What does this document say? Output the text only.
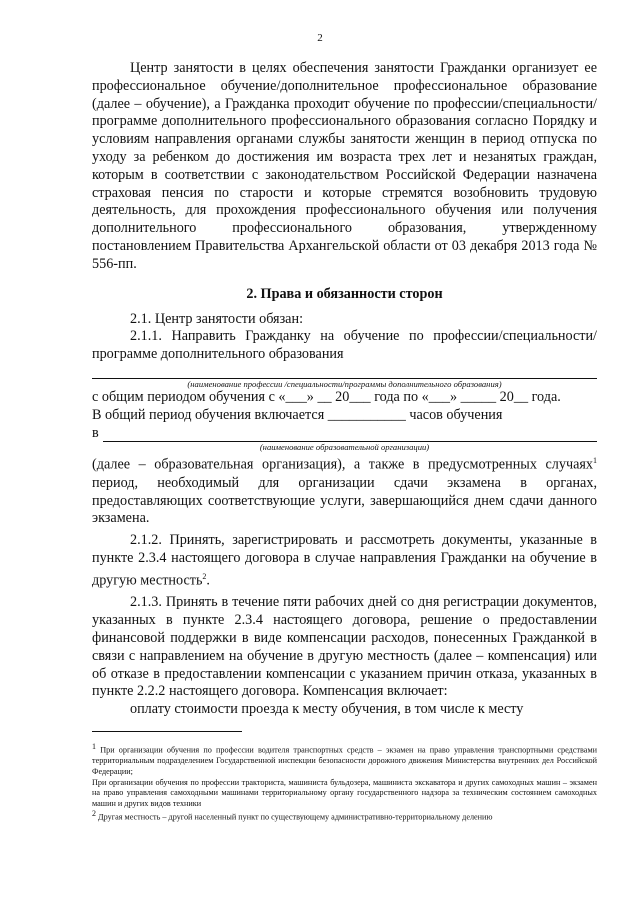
2

Центр занятости в целях обеспечения занятости Гражданки организует ее профессиональное обучение/дополнительное профессиональное образование (далее – обучение), а Гражданка проходит обучение по профессии/специальности/программе дополнительного профессионального образования согласно Порядку и условиям направления органами службы занятости женщин в период отпуска по уходу за ребенком до достижения им возраста трех лет и незанятых граждан, которым в соответствии с законодательством Российской Федерации назначена страховая пенсия по старости и которые стремятся возобновить трудовую деятельность, для прохождения профессионального обучения или получения дополнительного профессионального образования, утвержденному постановлением Правительства Архангельской области от 03 декабря 2013 года № 556-пп.

2. Права и обязанности сторон

2.1. Центр занятости обязан:

2.1.1. Направить Гражданку на обучение по профессии/специальности/программе дополнительного образования

(наименование профессии /специальности/программы дополнительного образования)

с общим периодом обучения с «___» __ 20___ года по «___» _____ 20__ года.

В общий период обучения включается ___________ часов обучения

в
(наименование образовательной организации)

(далее – образовательная организация), а также в предусмотренных случаях$^1$ период, необходимый для организации сдачи экзамена в органах, предоставляющих соответствующие услуги, завершающийся днем сдачи данного экзамена.

2.1.2. Принять, зарегистрировать и рассмотреть документы, указанные в пункте 2.3.4 настоящего договора в случае направления Гражданки на обучение в другую местность$^2$.

2.1.3. Принять в течение пяти рабочих дней со дня регистрации документов, указанных в пункте 2.3.4 настоящего договора, решение о предоставлении финансовой поддержки в виде компенсации расходов, понесенных Гражданкой в связи с направлением на обучение в другую местность (далее – компенсация) или об отказе в предоставлении компенсации с указанием причин отказа, указанных в пункте 2.2.2 настоящего договора. Компенсация включает:

оплату стоимости проезда к месту обучения, в том числе к месту

$^1$ При организации обучения по профессии водителя транспортных средств – экзамен на право управления транспортными средствами территориальным подразделением Государственной инспекции безопасности дорожного движения Министерства внутренних дел Российской Федерации;

При организации обучения по профессии тракториста, машиниста бульдозера, машиниста экскаватора и других самоходных машин – экзамен на право управления самоходными машинами территориальному органу государственного надзора за техническим состоянием самоходных машин и других видов техники

$^2$ Другая местность – другой населенный пункт по существующему административно-территориальному делению
